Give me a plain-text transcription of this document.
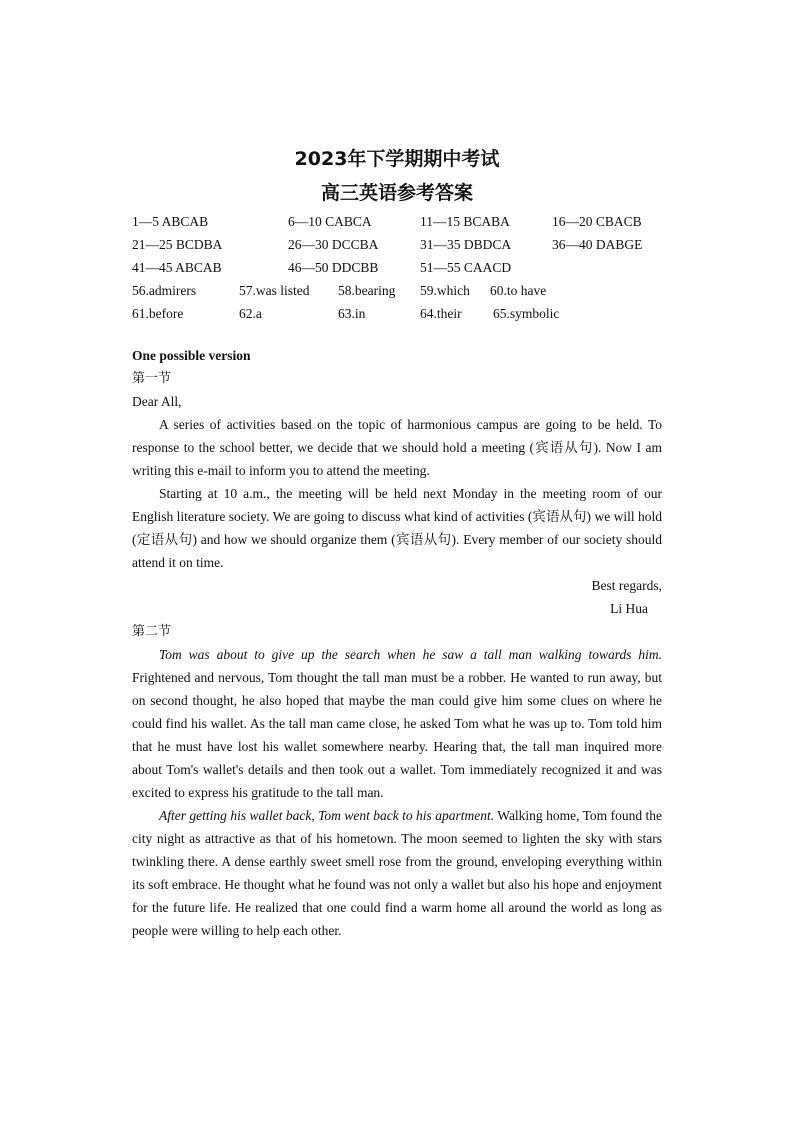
2023年下学期期中考试
高三英语参考答案
1—5 ABCAB	6—10 CABCA	11—15 BCABA	16—20 CBACB
21—25 BCDBA	26—30 DCCBA	31—35 DBDCA	36—40 DABGE
41—45 ABCAB	46—50 DDCBB	51—55 CAACD
56.admirers	57.was listed	58.bearing	59.which	60.to have
61.before	62.a	63.in	64.their	65.symbolic

One possible version

第一节

Dear All,

A series of activities based on the topic of harmonious campus are going to be held. To response to the school better, we decide that we should hold a meeting (宾语从句). Now I am writing this e-mail to inform you to attend the meeting.

Starting at 10 a.m., the meeting will be held next Monday in the meeting room of our English literature society. We are going to discuss what kind of activities (宾语从句) we will hold (定语从句) and how we should organize them (宾语从句). Every member of our society should attend it on time.

Best regards,

Li Hua

第二节

Tom was about to give up the search when he saw a tall man walking towards him. Frightened and nervous, Tom thought the tall man must be a robber. He wanted to run away, but on second thought, he also hoped that maybe the man could give him some clues on where he could find his wallet. As the tall man came close, he asked Tom what he was up to. Tom told him that he must have lost his wallet somewhere nearby. Hearing that, the tall man inquired more about Tom's wallet's details and then took out a wallet. Tom immediately recognized it and was excited to express his gratitude to the tall man.

After getting his wallet back, Tom went back to his apartment. Walking home, Tom found the city night as attractive as that of his hometown. The moon seemed to lighten the sky with stars twinkling there. A dense earthly sweet smell rose from the ground, enveloping everything within its soft embrace. He thought what he found was not only a wallet but also his hope and enjoyment for the future life. He realized that one could find a warm home all around the world as long as people were willing to help each other.
